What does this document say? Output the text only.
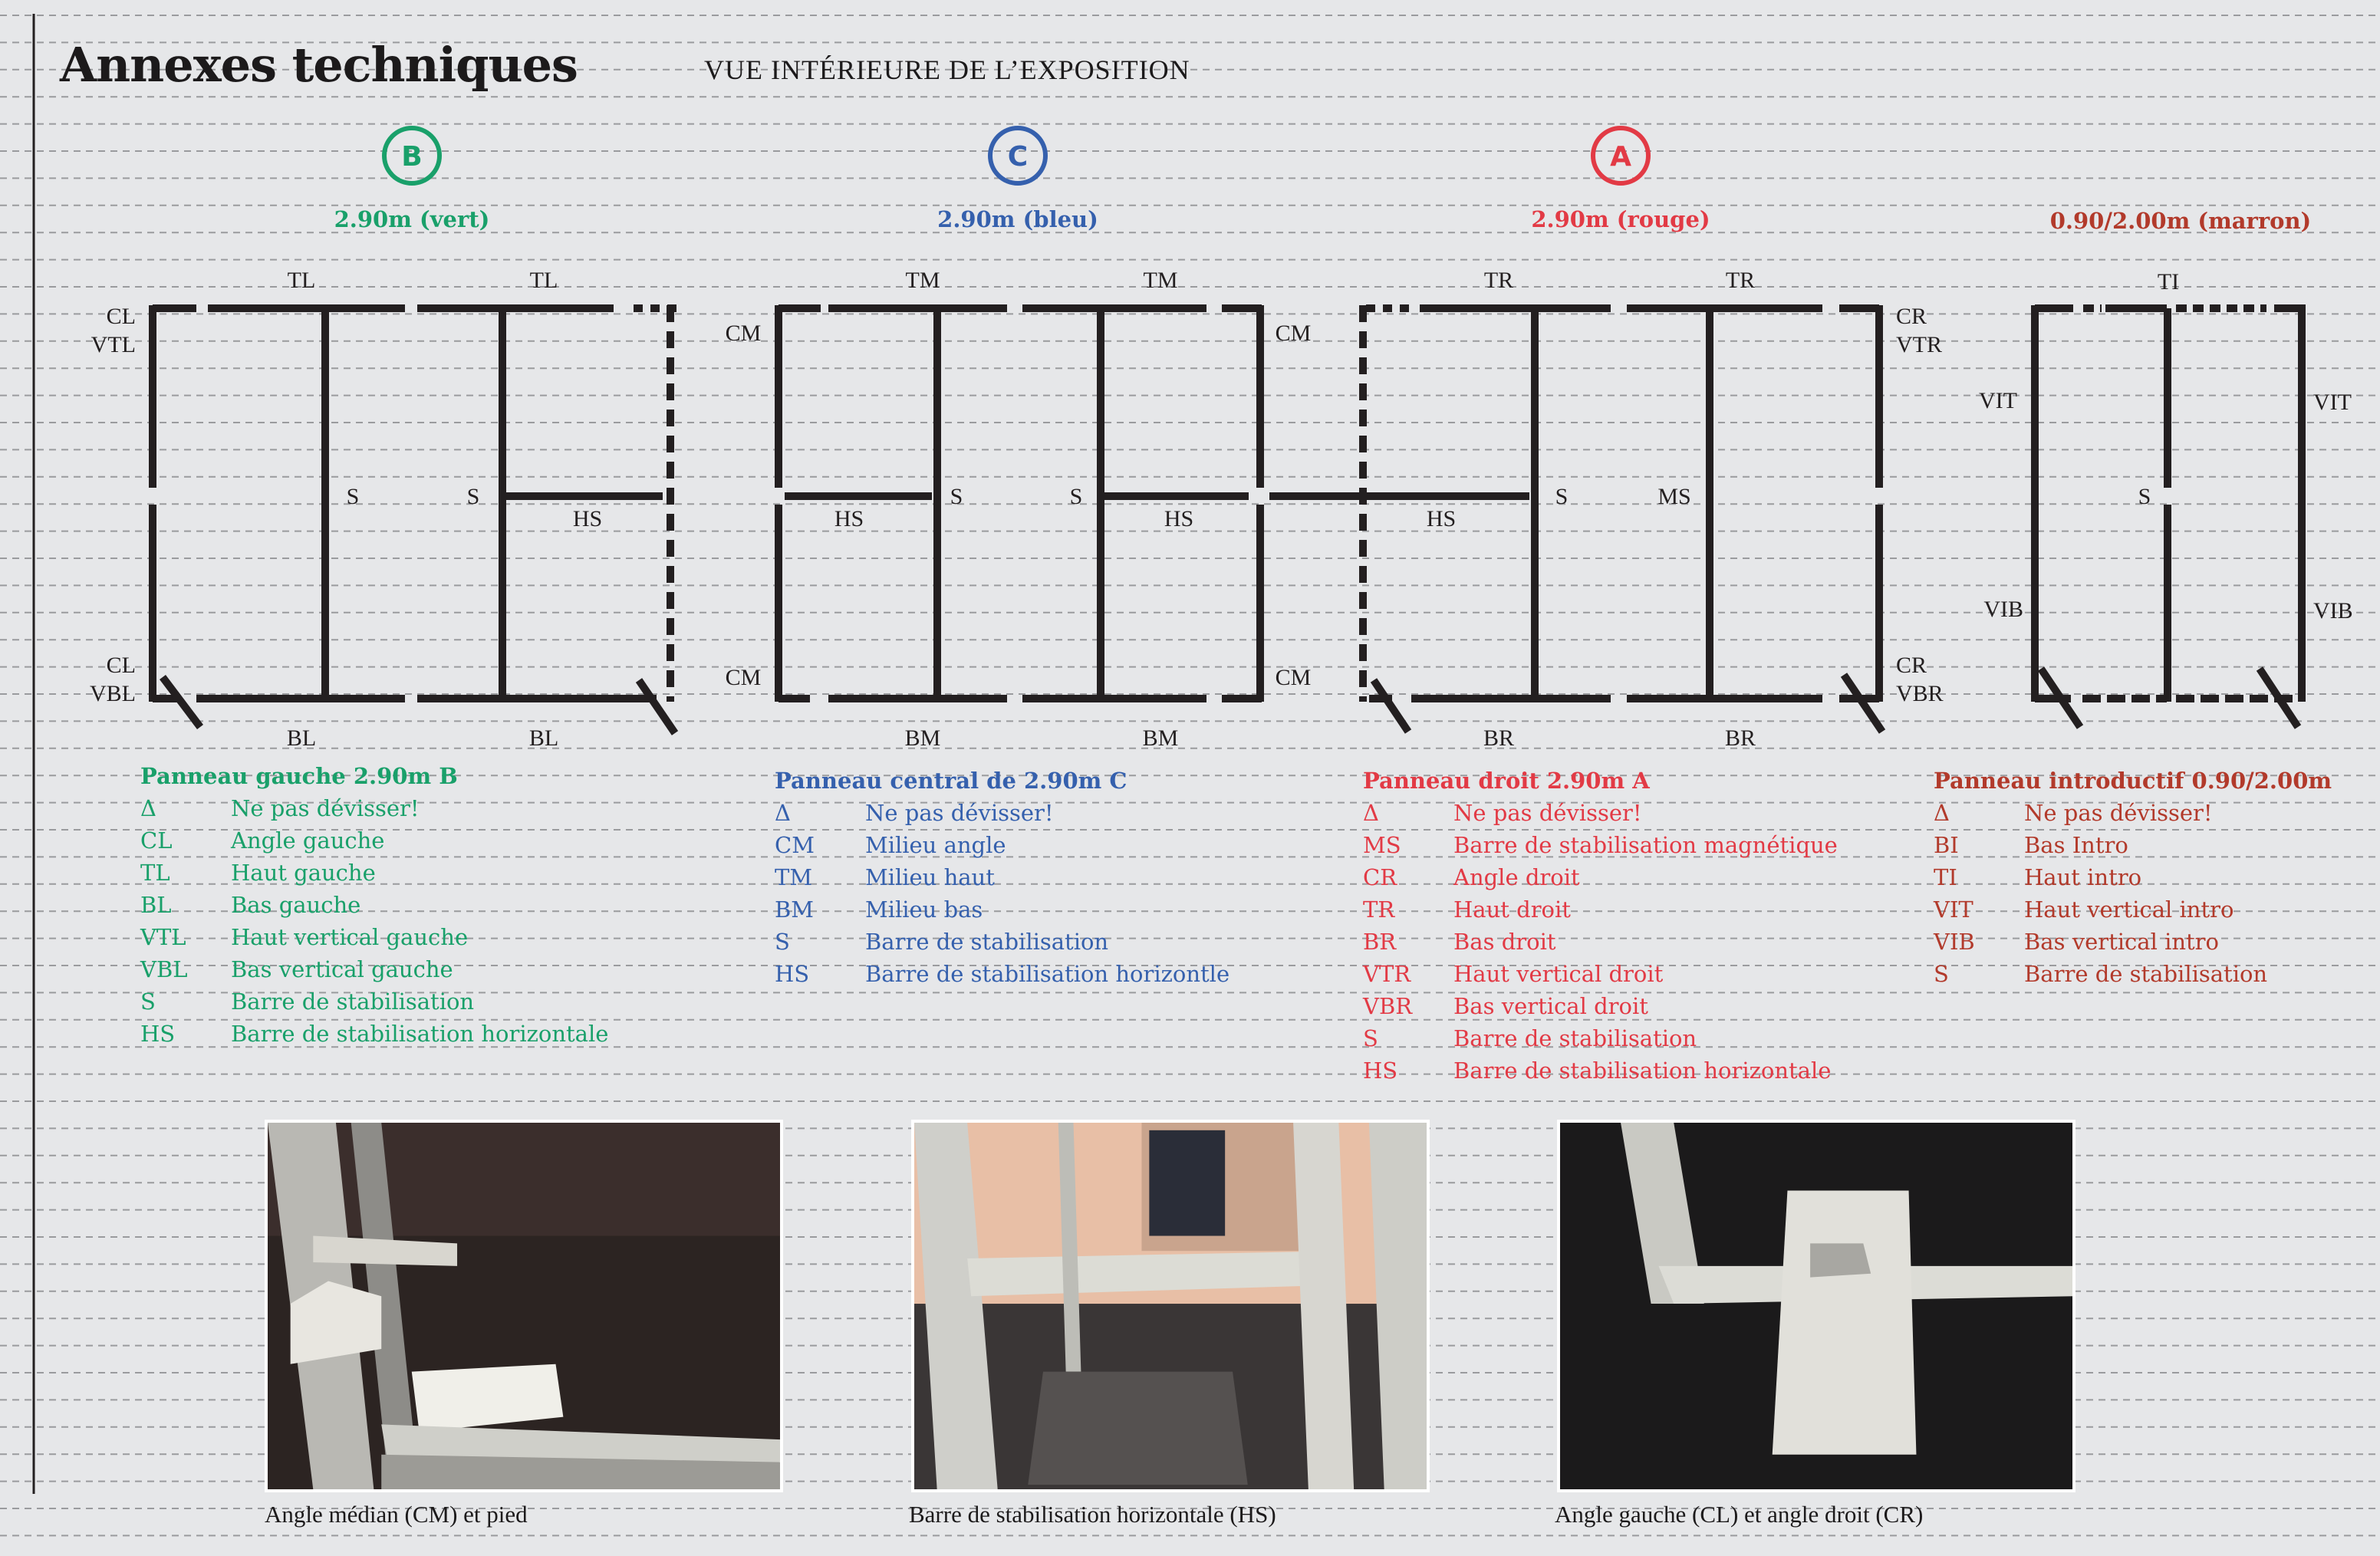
Annexes techniques	VUE INTÉRIEURE DE L’EXPOSITION
B	C	A
2.90m (vert)	2.90m (bleu)	2.90m (rouge)	0.90/2.00m (marron)
TL	TL
CL
VTL
S	S
HS
CL
VBL
BL	BL
TM	TM
CM	CM
HS
S	S
HS
CM	CM
BM	BM
TR	TR
CR
VTR
HS
S	MS
CR
VBR
BR	BR
TI
VIT	VIT
S
VIB	VIB
Panneau gauche 2.90m B
Δ	Ne pas dévisser!
CL	Angle gauche
TL	Haut gauche
BL	Bas gauche
VTL	Haut vertical gauche
VBL	Bas vertical gauche
S	Barre de stabilisation
HS	Barre de stabilisation horizontale
Panneau central de 2.90m C
Δ	Ne pas dévisser!
CM	Milieu angle
TM	Milieu haut
BM	Milieu bas
S	Barre de stabilisation
HS	Barre de stabilisation horizontle
Panneau droit 2.90m A
Δ	Ne pas dévisser!
MS	Barre de stabilisation magnétique
CR	Angle droit
TR	Haut droit
BR	Bas droit
VTR	Haut vertical droit
VBR	Bas vertical droit
S	Barre de stabilisation
HS	Barre de stabilisation horizontale
Panneau introductif 0.90/2.00m
Δ	Ne pas dévisser!
BI	Bas Intro
TI	Haut intro
VIT	Haut vertical intro
VIB	Bas vertical intro
S	Barre de stabilisation
Angle médian (CM) et pied	Barre de stabilisation horizontale (HS)	Angle gauche (CL) et angle droit (CR)
